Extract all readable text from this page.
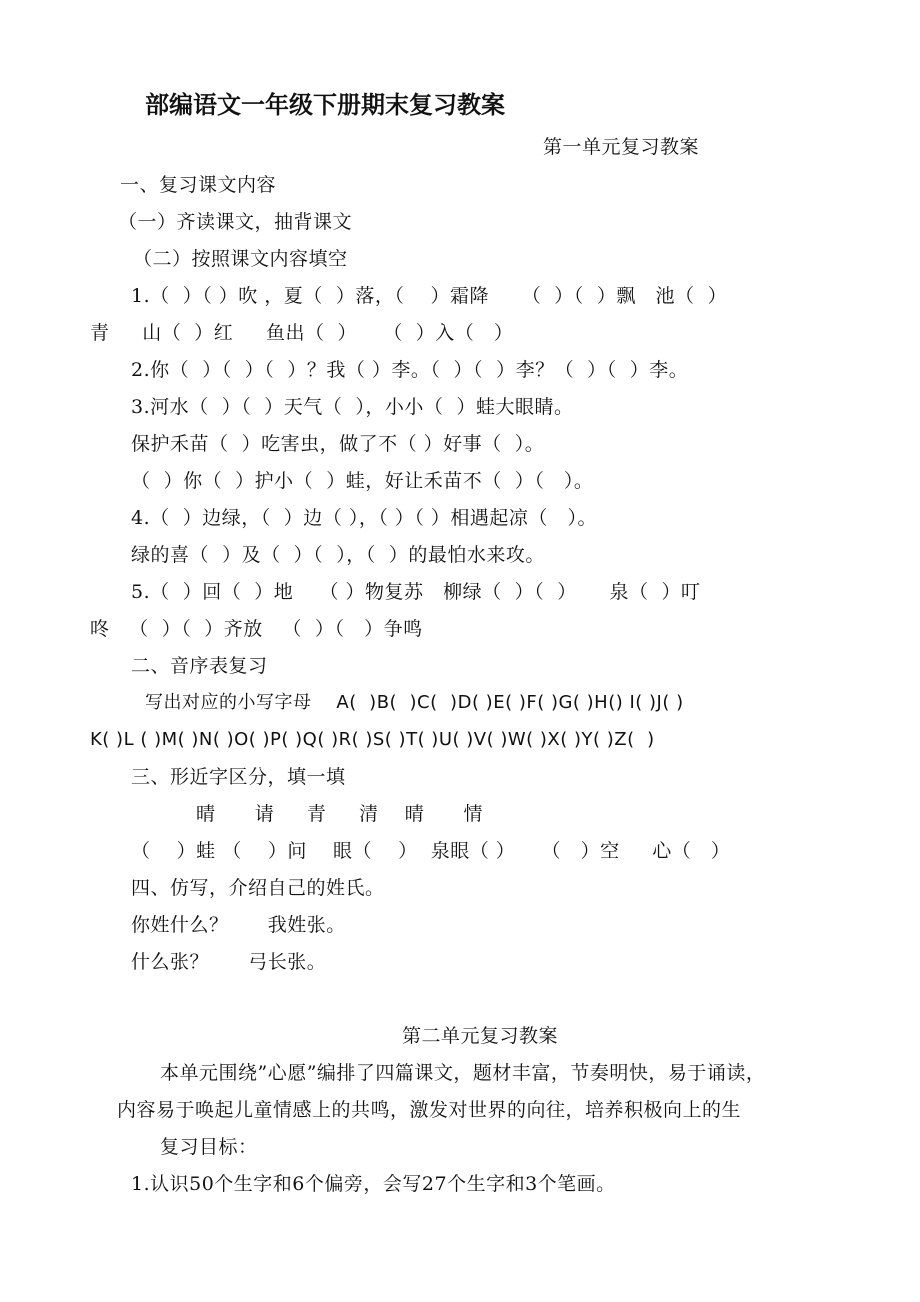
部编语文一年级下册期末复习教案
第一单元复习教案
一、复习课文内容
（一）齐读课文，抽背课文
（二）按照课文内容填空
1.（  ）（ ）吹 ，夏（  ）落，（    ）霜降     （  ）（  ）飘   池（  ）
青     山（  ）红     鱼出（  ）    （  ）入（   ）
2.你（  ）（  ）（  ）？我（ ）李。（  ）（  ）李？（  ）（  ）李。
3.河水（  ）（  ）天气（  ），小小（  ）蛙大眼睛。
保护禾苗（  ）吃害虫，做了不（ ）好事（  ）。
（  ）你（  ）护小（  ）蛙，好让禾苗不（  ）（   ）。
4.（  ）边绿，（  ）边（ ），（ ）（ ）相遇起凉（   ）。
绿的喜（  ）及（  ）（  ），（  ）的最怕水来攻。
5.（  ）回（  ）地    （ ）物复苏   柳绿（  ）（  ）     泉（  ）叮
咚   （  ）（  ）齐放   （  ）（   ）争鸣
二、音序表复习
写出对应的小写字母    A(  )B(  )C(  )D( )E( )F( )G( )H() I( )J( )
K( )L ( )M( )N( )O( )P( )Q( )R( )S( )T( )U( )V( )W( )X( )Y( )Z(  )
三、形近字区分，填一填
晴      请     青     清    晴      情
（    ）蛙 （    ）问    眼（    ）  泉眼（ ）    （   ）空     心（   ）
四、仿写，介绍自己的姓氏。
你姓什么？      我姓张。
什么张？      弓长张。
第二单元复习教案
本单元围绕”心愿”编排了四篇课文，题材丰富，节奏明快，易于诵读，
内容易于唤起儿童情感上的共鸣，激发对世界的向往，培养积极向上的生
复习目标：
1.认识50个生字和6个偏旁，会写27个生字和3个笔画。
